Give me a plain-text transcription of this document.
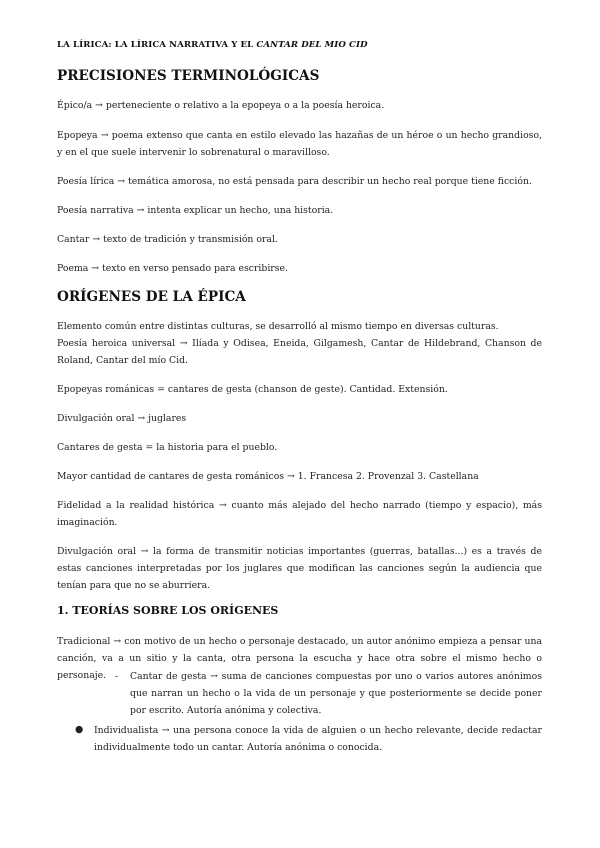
LA LÍRICA: LA LÍRICA NARRATIVA Y EL CANTAR DEL MIO CID
PRECISIONES TERMINOLÓGICAS
Épico/a → perteneciente o relativo a la epopeya o a la poesía heroica.
Epopeya → poema extenso que canta en estilo elevado las hazañas de un héroe o un hecho grandioso, y en el que suele intervenir lo sobrenatural o maravilloso.
Poesía lírica → temática amorosa, no está pensada para describir un hecho real porque tiene ficción.
Poesía narrativa → intenta explicar un hecho, una historia.
Cantar → texto de tradición y transmisión oral.
Poema → texto en verso pensado para escribirse.
ORÍGENES DE LA ÉPICA
Elemento común entre distintas culturas, se desarrolló al mismo tiempo en diversas culturas.
Poesía heroica universal → Ilíada y Odisea, Eneida, Gilgamesh, Cantar de Hildebrand, Chanson de Roland, Cantar del mío Cid.
Epopeyas románicas = cantares de gesta (chanson de geste). Cantidad. Extensión.
Divulgación oral → juglares
Cantares de gesta = la historia para el pueblo.
Mayor cantidad de cantares de gesta románicos → 1. Francesa 2. Provenzal 3. Castellana
Fidelidad a la realidad histórica → cuanto más alejado del hecho narrado (tiempo y espacio), más imaginación.
Divulgación oral → la forma de transmitir noticias importantes (guerras, batallas...) es a través de estas canciones interpretadas por los juglares que modifican las canciones según la audiencia que tenían para que no se aburriera.
1. TEORÍAS SOBRE LOS ORÍGENES
Tradicional → con motivo de un hecho o personaje destacado, un autor anónimo empieza a pensar una canción, va a un sitio y la canta, otra persona la escucha y hace otra sobre el mismo hecho o personaje. - Cantar de gesta → suma de canciones compuestas por uno o varios autores anónimos que narran un hecho o la vida de un personaje y que posteriormente se decide poner por escrito. Autoría anónima y colectiva.
● Individualista → una persona conoce la vida de alguien o un hecho relevante, decide redactar individualmente todo un cantar. Autoría anónima o conocida.
